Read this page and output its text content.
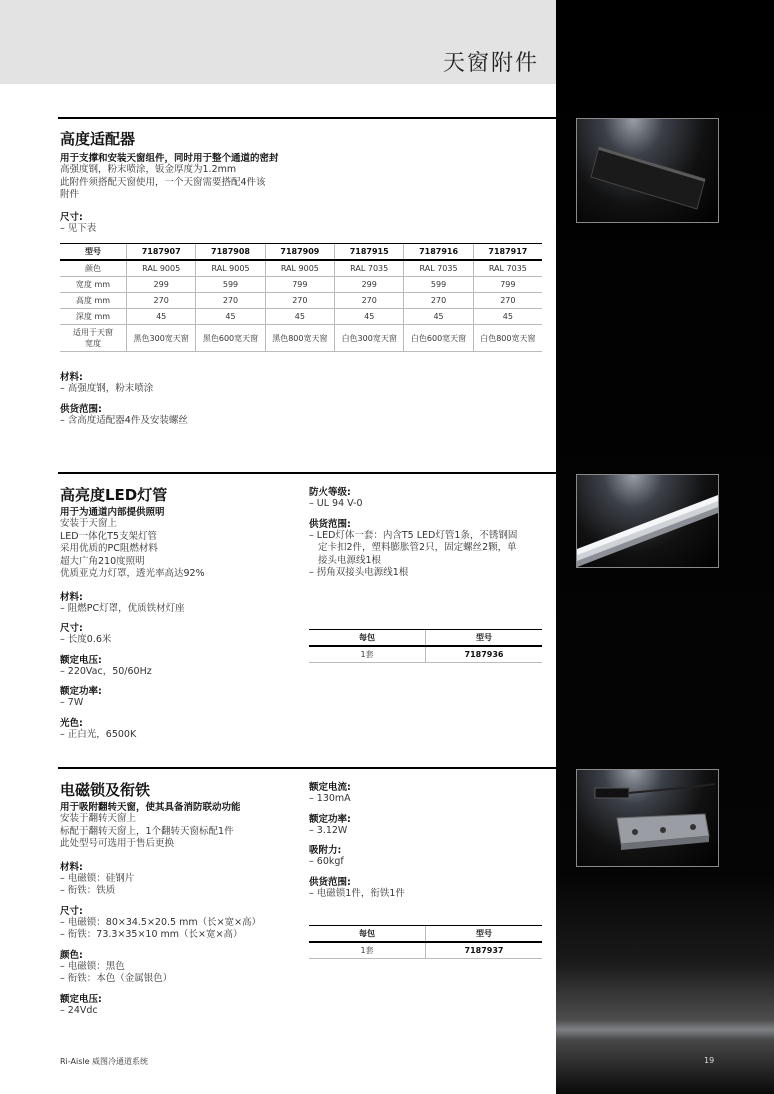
天窗附件
高度适配器
用于支撑和安装天窗组件，同时用于整个通道的密封
高强度钢，粉末喷涂，钣金厚度为1.2mm
此附件须搭配天窗使用，一个天窗需要搭配4件该
附件
尺寸:
– 见下表
型号	7187907	7187908	7187909	7187915	7187916	7187917
颜色	RAL 9005	RAL 9005	RAL 9005	RAL 7035	RAL 7035	RAL 7035
宽度 mm	299	599	799	299	599	799
高度 mm	270	270	270	270	270	270
深度 mm	45	45	45	45	45	45
适用于天窗
宽度	黑色300宽天窗	黑色600宽天窗	黑色800宽天窗	白色300宽天窗	白色600宽天窗	白色800宽天窗
材料:
– 高强度钢，粉末喷涂
供货范围:
– 含高度适配器4件及安装螺丝
高亮度LED灯管
用于为通道内部提供照明
安装于天窗上
LED一体化T5支架灯管
采用优质的PC阻燃材料
超大广角210度照明
优质亚克力灯罩，透光率高达92%
材料:
– 阻燃PC灯罩，优质铁材灯座
尺寸:
– 长度0.6米
额定电压:
– 220Vac，50/60Hz
额定功率:
– 7W
光色:
– 正白光，6500K
防火等级:
– UL 94 V-0
供货范围:
– LED灯体一套：内含T5 LED灯管1条，不锈钢固
定卡扣2件，塑料膨胀管2只，固定螺丝2颗，单
接头电源线1根
– 拐角双接头电源线1根
每包	型号
1套	7187936
电磁锁及衔铁
用于吸附翻转天窗，使其具备消防联动功能
安装于翻转天窗上
标配于翻转天窗上，1个翻转天窗标配1件
此处型号可选用于售后更换
材料:
– 电磁锁：硅钢片
– 衔铁：铁质
尺寸:
– 电磁锁：80×34.5×20.5 mm（长×宽×高）
– 衔铁：73.3×35×10 mm（长×宽×高）
颜色:
– 电磁锁：黑色
– 衔铁：本色（金属银色）
额定电压:
– 24Vdc
额定电流:
– 130mA
额定功率:
– 3.12W
吸附力:
– 60kgf
供货范围:
– 电磁锁1件，衔铁1件
每包	型号
1套	7187937
Ri-Aisle 威图冷通道系统	19
